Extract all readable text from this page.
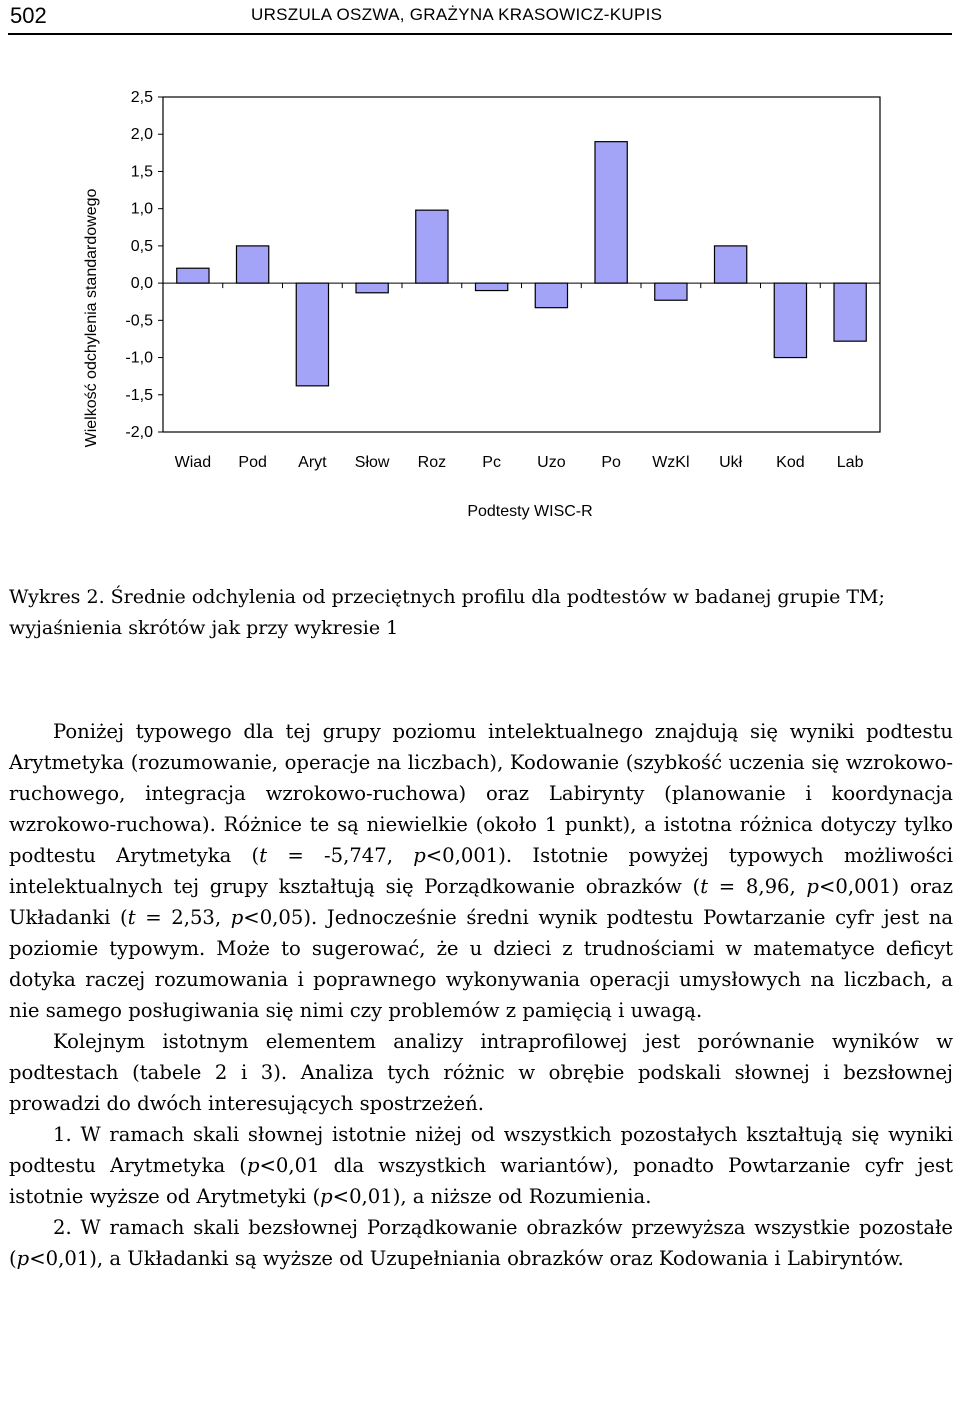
502	URSZULA OSZWA, GRAŻYNA KRASOWICZ-KUPIS
2,5
2,0
1,5
1,0
0,5
0,0
-0,5
-1,0
-1,5
-2,0
Wiad Pod Aryt Słow Roz Pc Uzo Po WzKl Ukł Kod Lab
Wielkość odchylenia standardowego
Podtesty WISC-R
Wykres 2. Średnie odchylenia od przeciętnych profilu dla podtestów w badanej grupie TM; wyjaśnienia skrótów jak przy wykresie 1

Poniżej typowego dla tej grupy poziomu intelektualnego znajdują się wyniki podtestu Arytmetyka (rozumowanie, operacje na liczbach), Kodowanie (szybkość uczenia się wzrokowo-ruchowego, integracja wzrokowo-ruchowa) oraz Labirynty (planowanie i koordynacja wzrokowo-ruchowa). Różnice te są niewielkie (około 1 punkt), a istotna różnica dotyczy tylko podtestu Arytmetyka (t = -5,747, p<0,001). Istotnie powyżej typowych możliwości intelektualnych tej grupy kształtują się Porządkowanie obrazków (t = 8,96, p<0,001) oraz Układanki (t = 2,53, p<0,05). Jednocześnie średni wynik podtestu Powtarzanie cyfr jest na poziomie typowym. Może to sugerować, że u dzieci z trudnościami w matematyce deficyt dotyka raczej rozumowania i poprawnego wykonywania operacji umysłowych na liczbach, a nie samego posługiwania się nimi czy problemów z pamięcią i uwagą.

Kolejnym istotnym elementem analizy intraprofilowej jest porównanie wyników w podtestach (tabele 2 i 3). Analiza tych różnic w obrębie podskali słownej i bezsłownej prowadzi do dwóch interesujących spostrzeżeń.

1. W ramach skali słownej istotnie niżej od wszystkich pozostałych kształtują się wyniki podtestu Arytmetyka (p<0,01 dla wszystkich wariantów), ponadto Powtarzanie cyfr jest istotnie wyższe od Arytmetyki (p<0,01), a niższe od Rozumienia.

2. W ramach skali bezsłownej Porządkowanie obrazków przewyższa wszystkie pozostałe (p<0,01), a Układanki są wyższe od Uzupełniania obrazków oraz Kodowania i Labiryntów.
